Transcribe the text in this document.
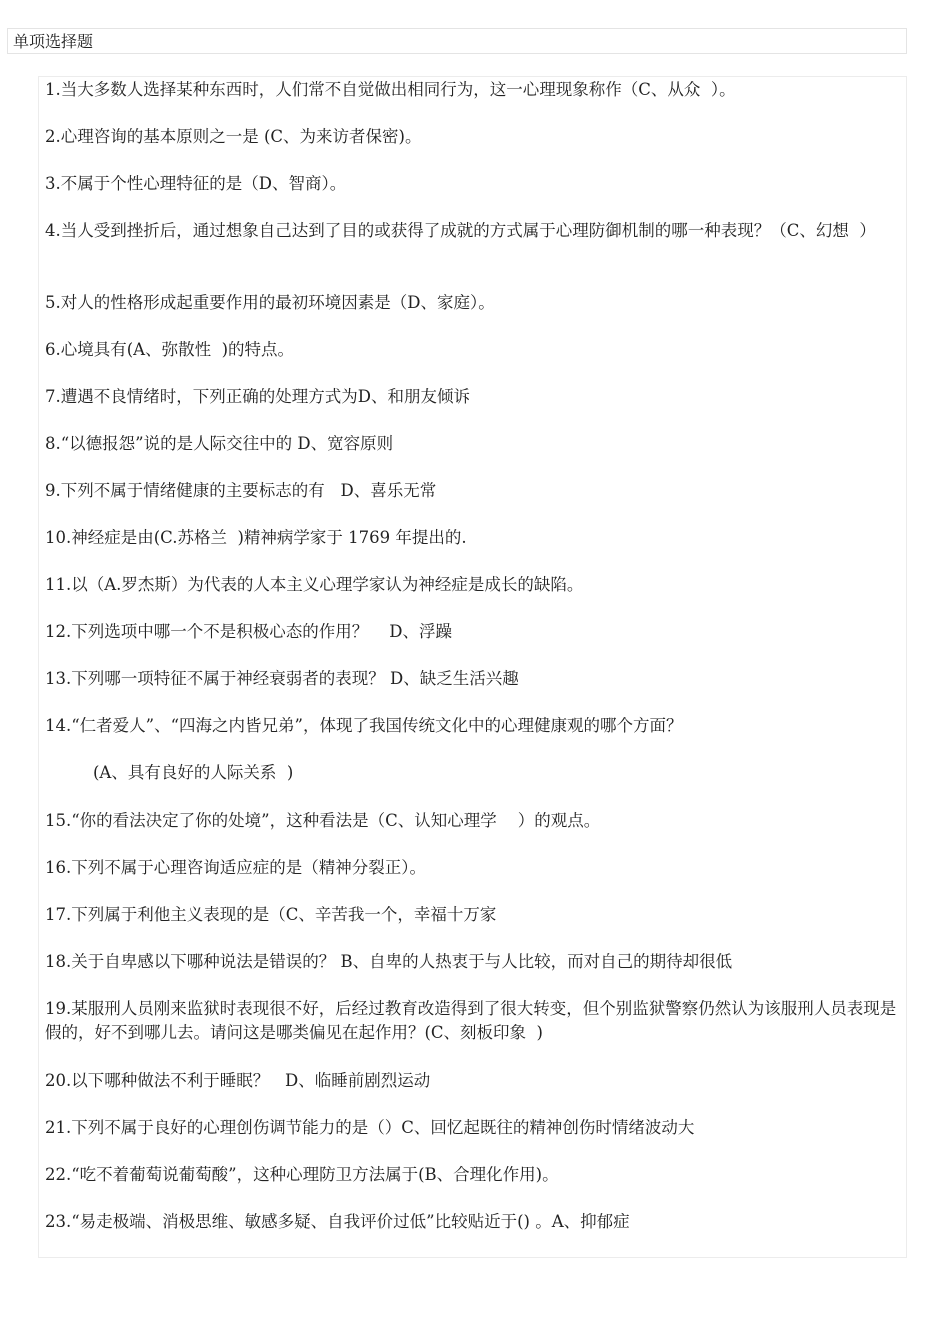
单项选择题
1.当大多数人选择某种东西时，人们常不自觉做出相同行为，这一心理现象称作（C、从众  ）。
2.心理咨询的基本原则之一是 (C、为来访者保密)。
3.不属于个性心理特征的是（D、智商）。
4.当人受到挫折后，通过想象自己达到了目的或获得了成就的方式属于心理防御机制的哪一种表现？（C、幻想  ）
5.对人的性格形成起重要作用的最初环境因素是（D、家庭）。
6.心境具有(A、弥散性  )的特点。
7.遭遇不良情绪时，下列正确的处理方式为D、和朋友倾诉
8.“以德报怨”说的是人际交往中的 D、宽容原则
9.下列不属于情绪健康的主要标志的有   D、喜乐无常
10.神经症是由(C.苏格兰  )精神病学家于 1769 年提出的.
11.以（A.罗杰斯）为代表的人本主义心理学家认为神经症是成长的缺陷。
12.下列选项中哪一个不是积极心态的作用？    D、浮躁
13.下列哪一项特征不属于神经衰弱者的表现？ D、缺乏生活兴趣
14.“仁者爱人”、“四海之内皆兄弟”，体现了我国传统文化中的心理健康观的哪个方面？
(A、具有良好的人际关系  )
15.“你的看法决定了你的处境”，这种看法是（C、认知心理学    ）的观点。
16.下列不属于心理咨询适应症的是（精神分裂正）。
17.下列属于利他主义表现的是（C、辛苦我一个，幸福十万家
18.关于自卑感以下哪种说法是错误的？ B、自卑的人热衷于与人比较，而对自己的期待却很低
19.某服刑人员刚来监狱时表现很不好，后经过教育改造得到了很大转变，但个别监狱警察仍然认为该服刑人员表现是假的，好不到哪儿去。请问这是哪类偏见在起作用？(C、刻板印象  )
20.以下哪种做法不利于睡眠？   D、临睡前剧烈运动
21.下列不属于良好的心理创伤调节能力的是（）C、回忆起既往的精神创伤时情绪波动大
22.“吃不着葡萄说葡萄酸”，这种心理防卫方法属于(B、合理化作用)。
23.“易走极端、消极思维、敏感多疑、自我评价过低”比较贴近于() 。A、抑郁症
